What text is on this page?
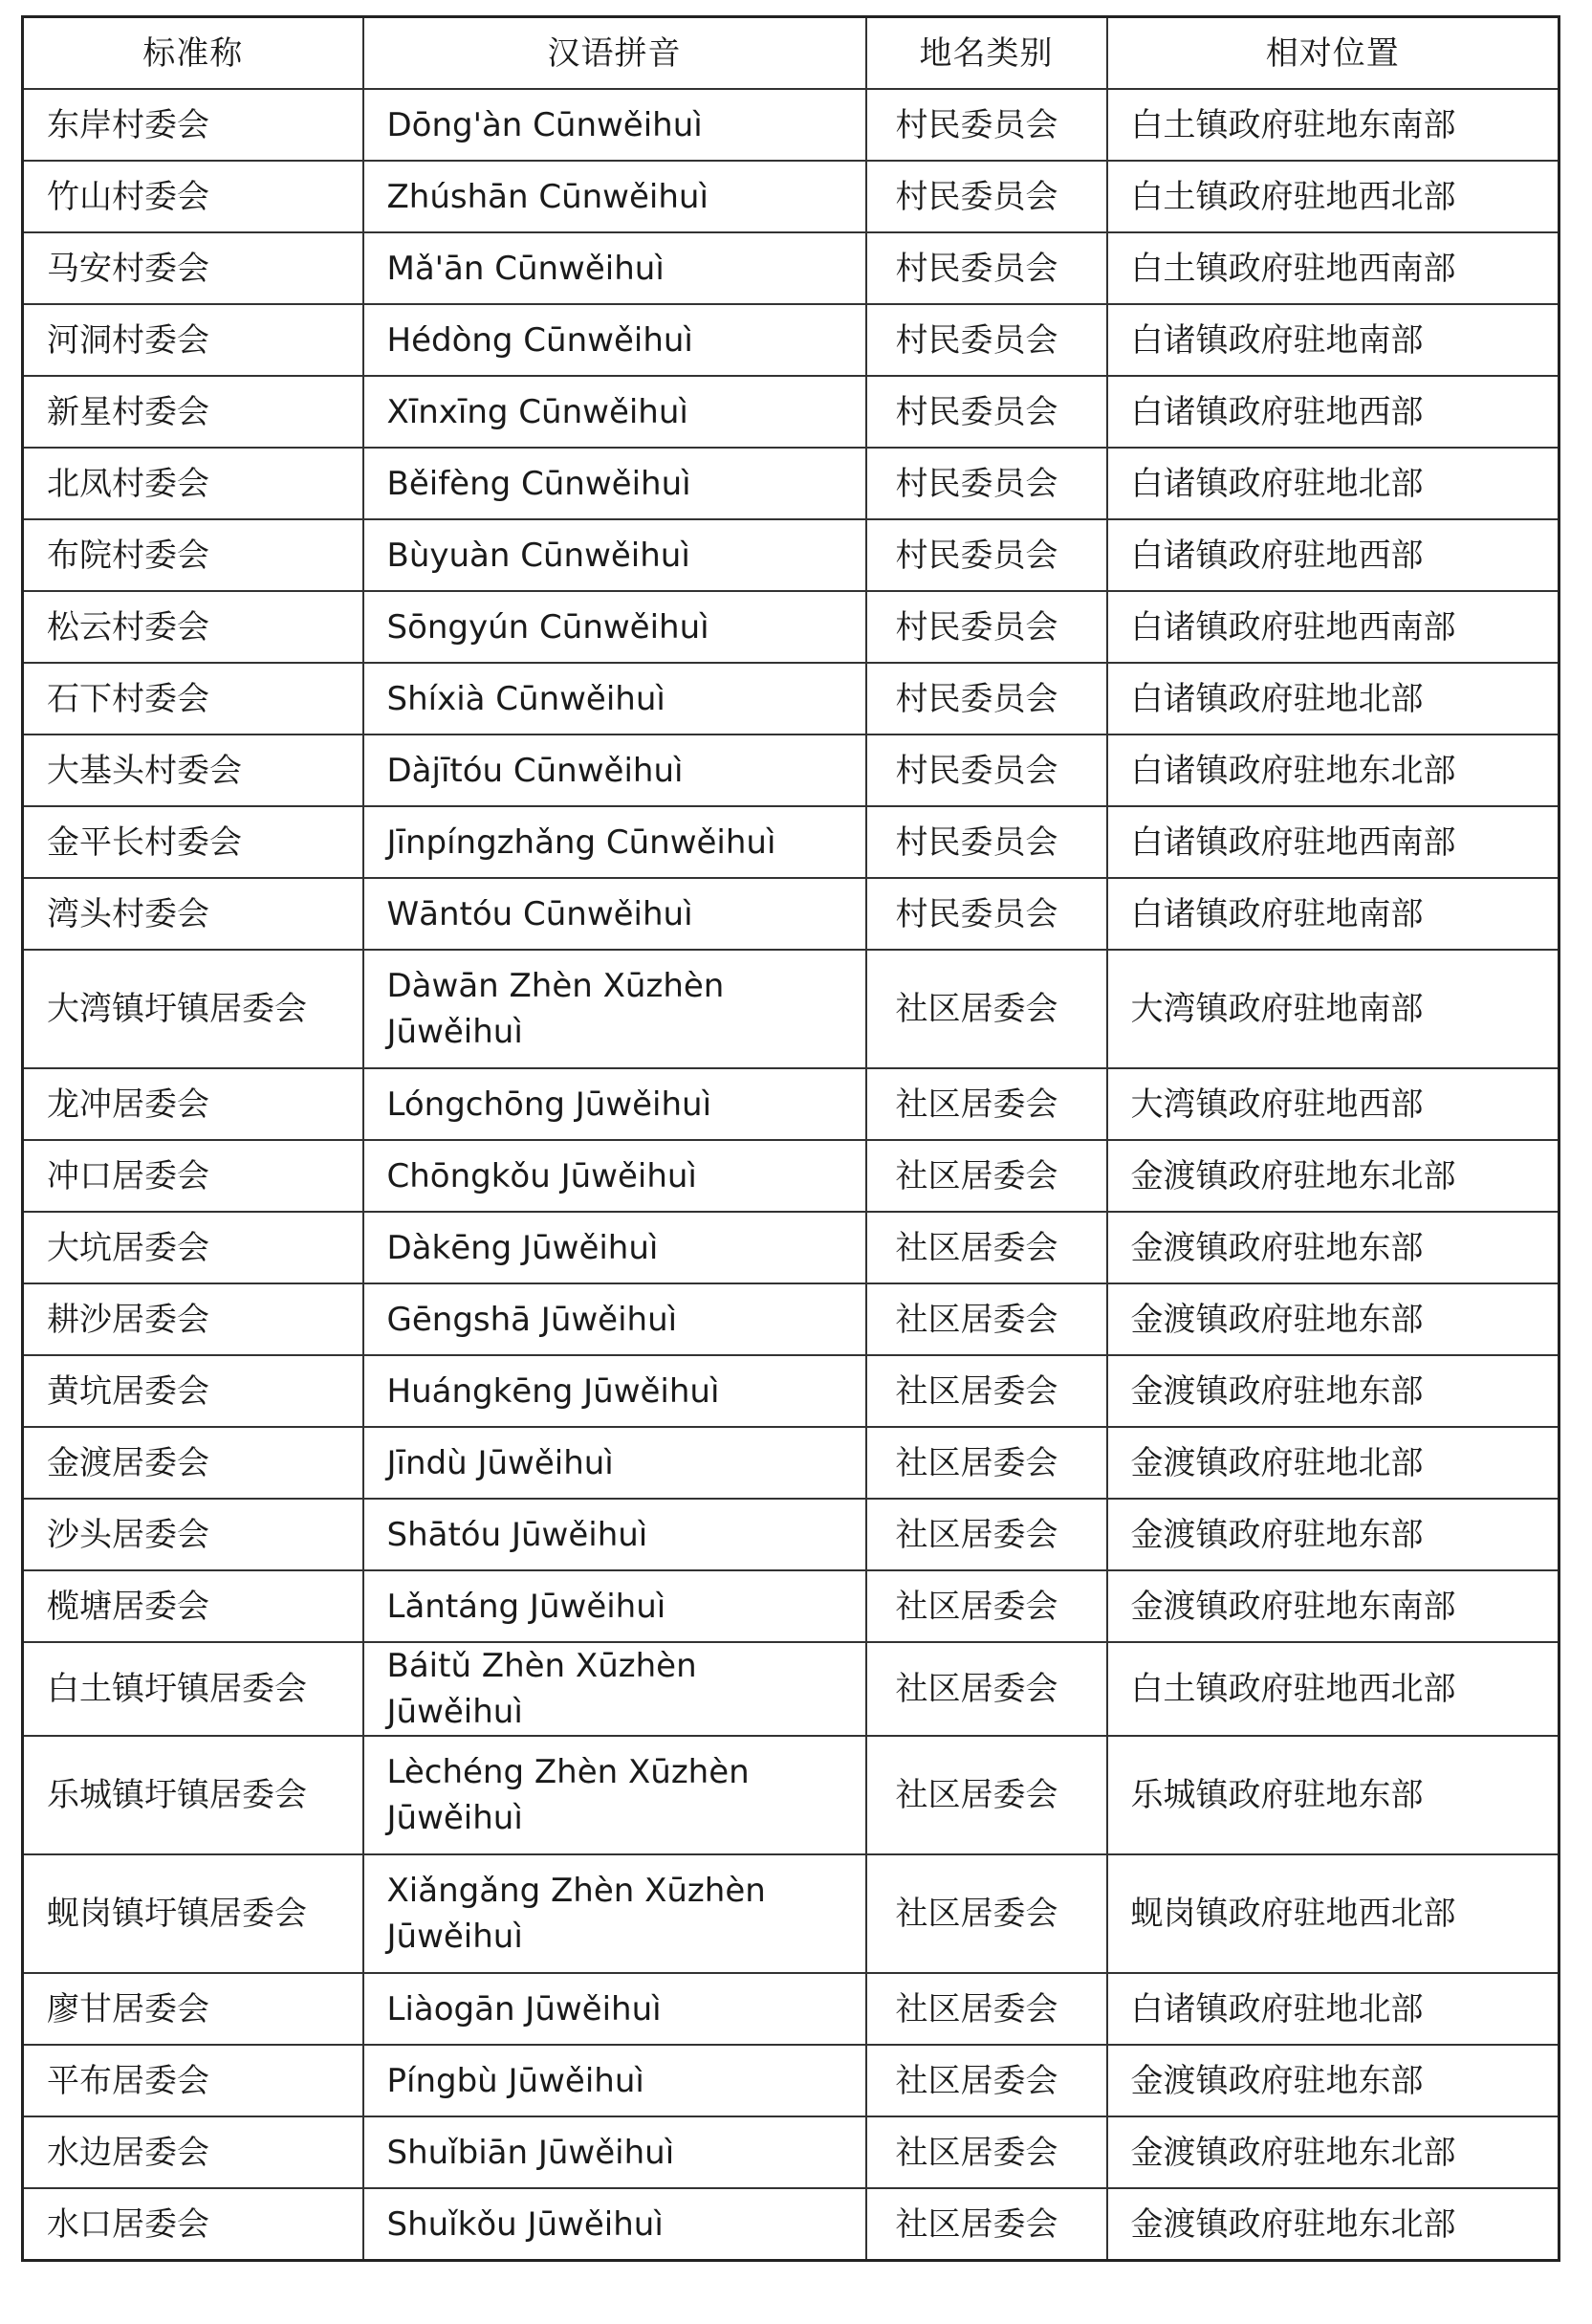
标准称	汉语拼音	地名类别	相对位置
东岸村委会	Dōng'àn Cūnwěihuì	村民委员会	白土镇政府驻地东南部
竹山村委会	Zhúshān Cūnwěihuì	村民委员会	白土镇政府驻地西北部
马安村委会	Mǎ'ān Cūnwěihuì	村民委员会	白土镇政府驻地西南部
河洞村委会	Hédòng Cūnwěihuì	村民委员会	白诸镇政府驻地南部
新星村委会	Xīnxīng Cūnwěihuì	村民委员会	白诸镇政府驻地西部
北凤村委会	Běifèng Cūnwěihuì	村民委员会	白诸镇政府驻地北部
布院村委会	Bùyuàn Cūnwěihuì	村民委员会	白诸镇政府驻地西部
松云村委会	Sōngyún Cūnwěihuì	村民委员会	白诸镇政府驻地西南部
石下村委会	Shíxià Cūnwěihuì	村民委员会	白诸镇政府驻地北部
大基头村委会	Dàjītóu Cūnwěihuì	村民委员会	白诸镇政府驻地东北部
金平长村委会	Jīnpíngzhǎng Cūnwěihuì	村民委员会	白诸镇政府驻地西南部
湾头村委会	Wāntóu Cūnwěihuì	村民委员会	白诸镇政府驻地南部
大湾镇圩镇居委会	Dàwān Zhèn Xūzhèn Jūwěihuì	社区居委会	大湾镇政府驻地南部
龙冲居委会	Lóngchōng Jūwěihuì	社区居委会	大湾镇政府驻地西部
冲口居委会	Chōngkǒu Jūwěihuì	社区居委会	金渡镇政府驻地东北部
大坑居委会	Dàkēng Jūwěihuì	社区居委会	金渡镇政府驻地东部
耕沙居委会	Gēngshā Jūwěihuì	社区居委会	金渡镇政府驻地东部
黄坑居委会	Huángkēng Jūwěihuì	社区居委会	金渡镇政府驻地东部
金渡居委会	Jīndù Jūwěihuì	社区居委会	金渡镇政府驻地北部
沙头居委会	Shātóu Jūwěihuì	社区居委会	金渡镇政府驻地东部
榄塘居委会	Lǎntáng Jūwěihuì	社区居委会	金渡镇政府驻地东南部
白土镇圩镇居委会	Báitǔ Zhèn Xūzhèn Jūwěihuì	社区居委会	白土镇政府驻地西北部
乐城镇圩镇居委会	Lèchéng Zhèn Xūzhèn Jūwěihuì	社区居委会	乐城镇政府驻地东部
蚬岗镇圩镇居委会	Xiǎngǎng Zhèn Xūzhèn Jūwěihuì	社区居委会	蚬岗镇政府驻地西北部
廖甘居委会	Liàogān Jūwěihuì	社区居委会	白诸镇政府驻地北部
平布居委会	Píngbù Jūwěihuì	社区居委会	金渡镇政府驻地东部
水边居委会	Shuǐbiān Jūwěihuì	社区居委会	金渡镇政府驻地东北部
水口居委会	Shuǐkǒu Jūwěihuì	社区居委会	金渡镇政府驻地东北部
